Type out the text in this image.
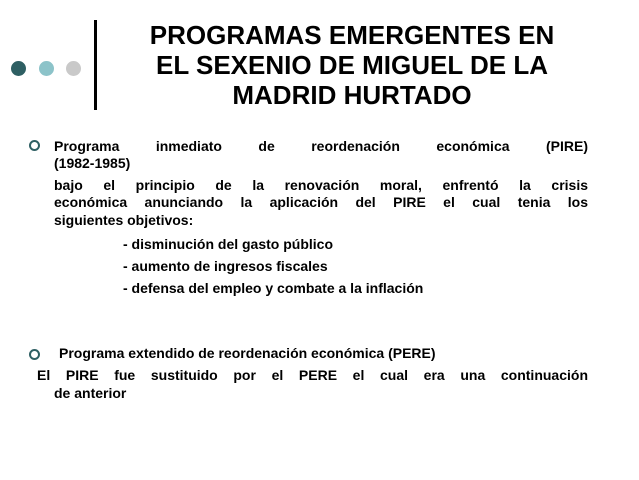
PROGRAMAS EMERGENTES EN
EL SEXENIO DE MIGUEL DE LA
MADRID HURTADO
Programa inmediato de reordenación económica (PIRE)
(1982-1985)
bajo el principio de la renovación moral, enfrentó la crisis
económica anunciando la aplicación del PIRE el cual tenia los
siguientes objetivos:
- disminución del gasto público
- aumento de ingresos fiscales
- defensa del empleo y combate a la inflación
Programa extendido de reordenación económica (PERE)
El PIRE fue sustituido por el PERE el cual era una continuación
de anterior
